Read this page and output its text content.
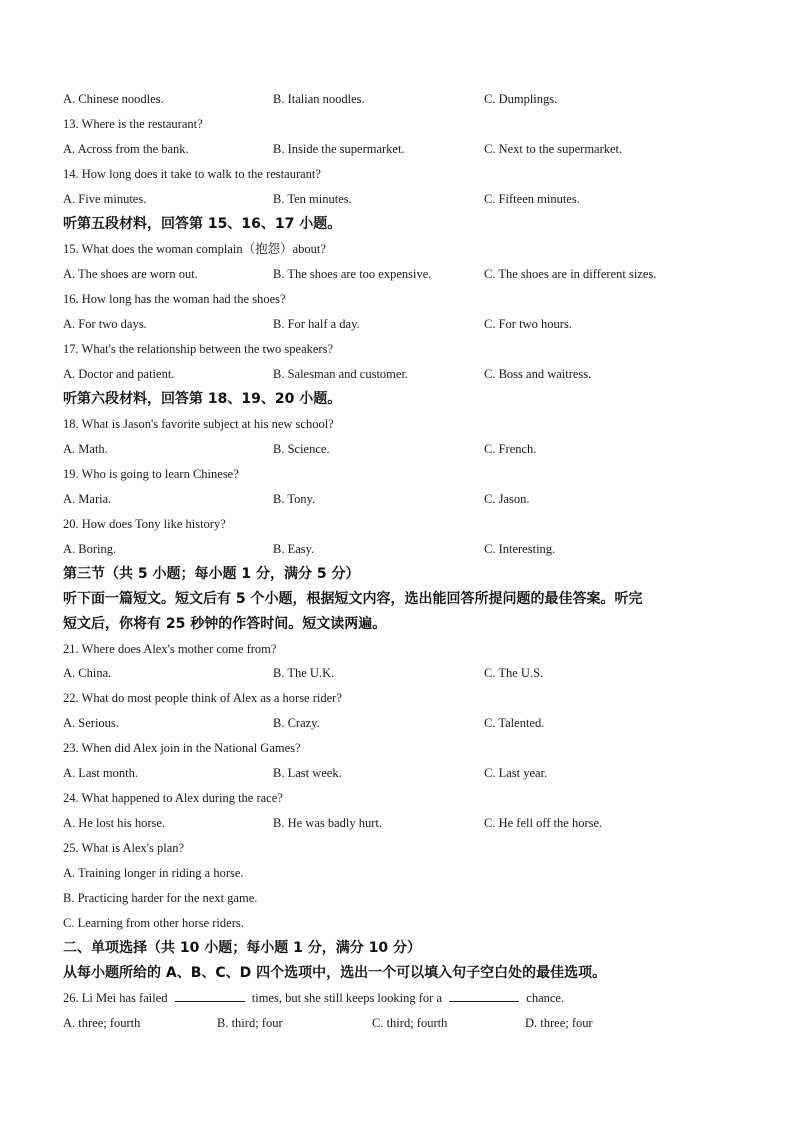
A. Chinese noodles.	B. Italian noodles.	C. Dumplings.
13. Where is the restaurant?
A. Across from the bank.	B. Inside the supermarket.	C. Next to the supermarket.
14. How long does it take to walk to the restaurant?
A. Five minutes.	B. Ten minutes.	C. Fifteen minutes.
听第五段材料，回答第 15、16、17 小题。
15. What does the woman complain（抱怨）about?
A. The shoes are worn out.	B. The shoes are too expensive.	C. The shoes are in different sizes.
16. How long has the woman had the shoes?
A. For two days.	B. For half a day.	C. For two hours.
17. What's the relationship between the two speakers?
A. Doctor and patient.	B. Salesman and customer.	C. Boss and waitress.
听第六段材料，回答第 18、19、20 小题。
18. What is Jason's favorite subject at his new school?
A. Math.	B. Science.	C. French.
19. Who is going to learn Chinese?
A. Maria.	B. Tony.	C. Jason.
20. How does Tony like history?
A. Boring.	B. Easy.	C. Interesting.
第三节（共 5 小题；每小题 1 分，满分 5 分）
听下面一篇短文。短文后有 5 个小题，根据短文内容，选出能回答所提问题的最佳答案。听完
短文后，你将有 25 秒钟的作答时间。短文读两遍。
21. Where does Alex's mother come from?
A. China.	B. The U.K.	C. The U.S.
22. What do most people think of Alex as a horse rider?
A. Serious.	B. Crazy.	C. Talented.
23. When did Alex join in the National Games?
A. Last month.	B. Last week.	C. Last year.
24. What happened to Alex during the race?
A. He lost his horse.	B. He was badly hurt.	C. He fell off the horse.
25. What is Alex's plan?
A. Training longer in riding a horse.
B. Practicing harder for the next game.
C. Learning from other horse riders.
二、单项选择（共 10 小题；每小题 1 分，满分 10 分）
从每小题所给的 A、B、C、D 四个选项中，选出一个可以填入句子空白处的最佳选项。
26. Li Mei has failed	times, but she still keeps looking for a	chance.
A. three; fourth	B. third; four	C. third; fourth	D. three; four
